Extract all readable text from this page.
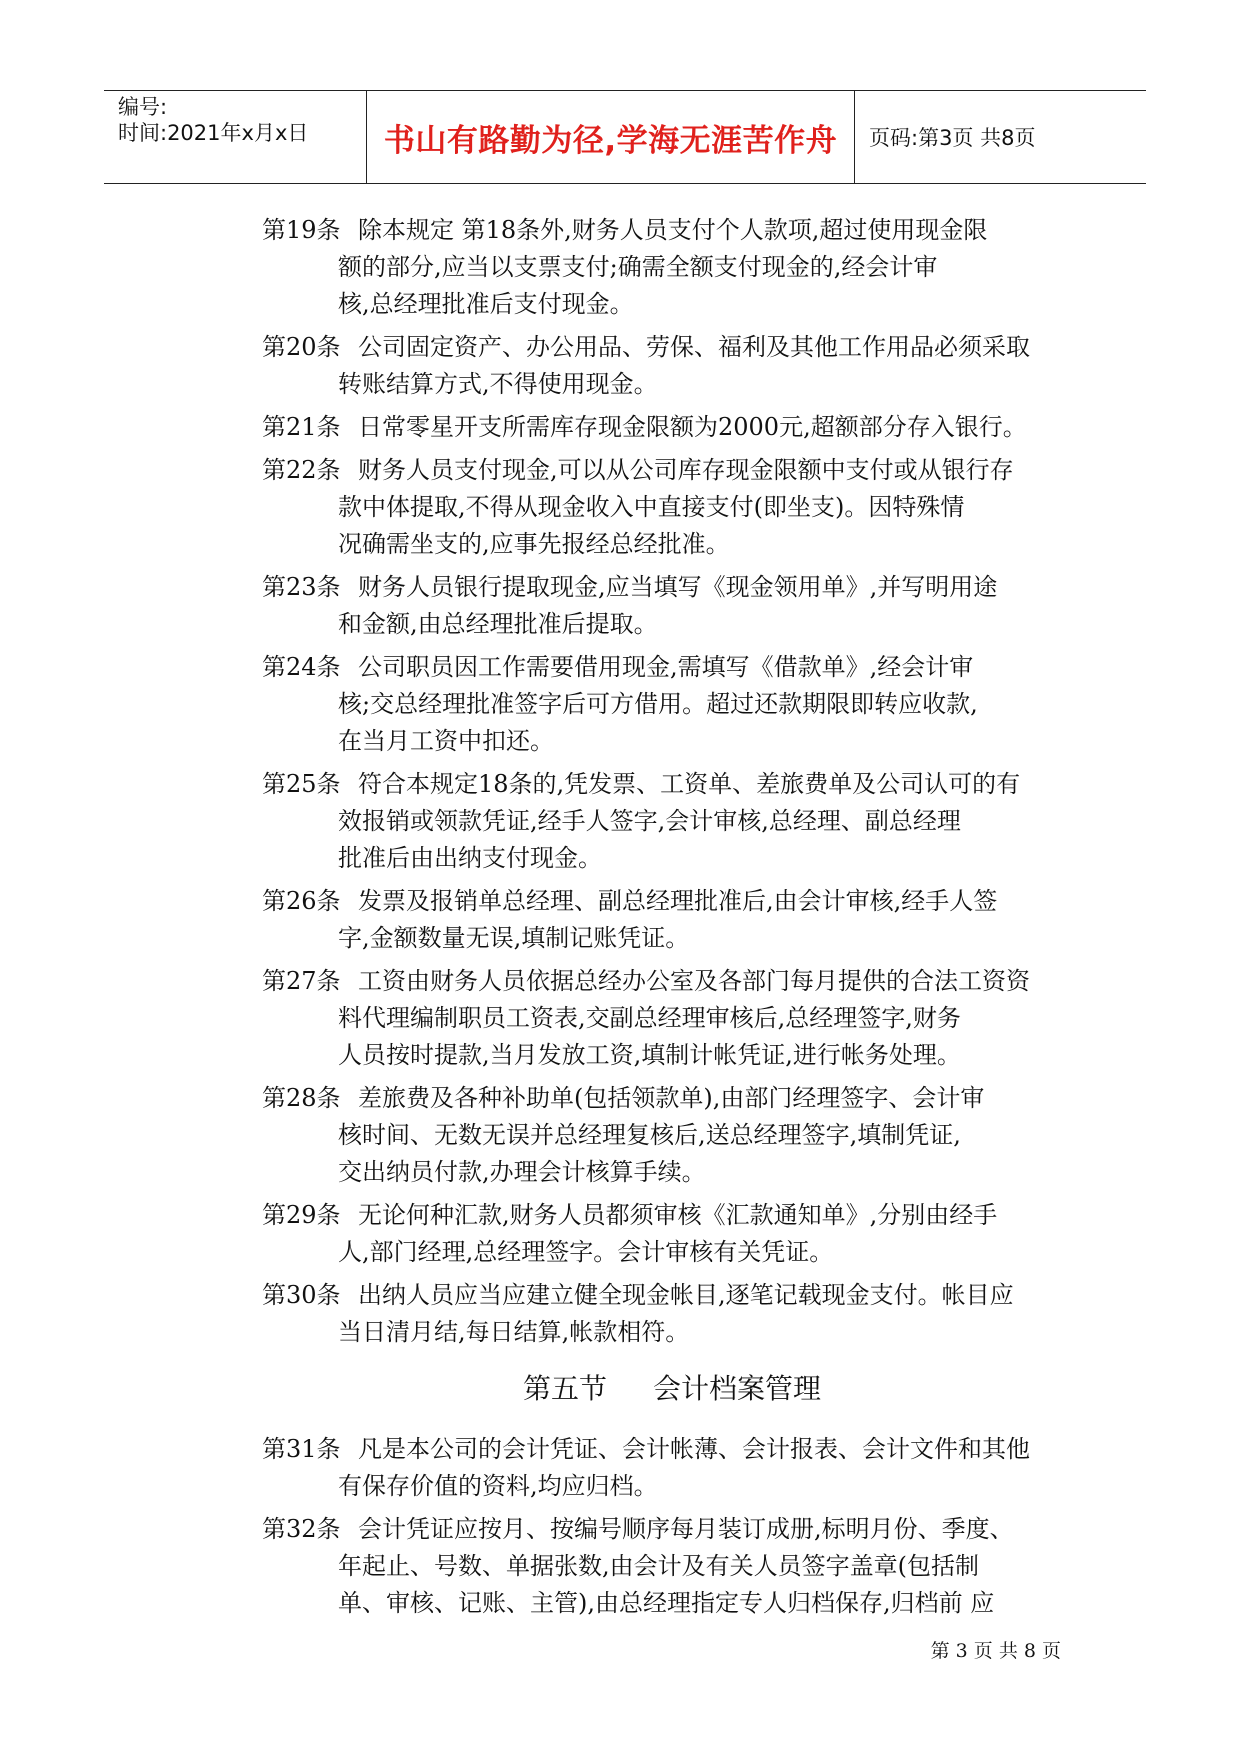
编号:
时间:2021年x月x日 书山有路勤为径,学海无涯苦作舟 页码:第3页 共8页
第19条 除本规定 第18条外,财务人员支付个人款项,超过使用现金限
额的部分,应当以支票支付;确需全额支付现金的,经会计审
核,总经理批准后支付现金。
第20条 公司固定资产、办公用品、劳保、福利及其他工作用品必须采取
转账结算方式,不得使用现金。
第21条 日常零星开支所需库存现金限额为2000元,超额部分存入银行。
第22条 财务人员支付现金,可以从公司库存现金限额中支付或从银行存
款中体提取,不得从现金收入中直接支付(即坐支)。因特殊情
况确需坐支的,应事先报经总经批准。
第23条 财务人员银行提取现金,应当填写《现金领用单》,并写明用途
和金额,由总经理批准后提取。
第24条 公司职员因工作需要借用现金,需填写《借款单》,经会计审
核;交总经理批准签字后可方借用。超过还款期限即转应收款,
在当月工资中扣还。
第25条 符合本规定18条的,凭发票、工资单、差旅费单及公司认可的有
效报销或领款凭证,经手人签字,会计审核,总经理、副总经理
批准后由出纳支付现金。
第26条 发票及报销单总经理、副总经理批准后,由会计审核,经手人签
字,金额数量无误,填制记账凭证。
第27条 工资由财务人员依据总经办公室及各部门每月提供的合法工资资
料代理编制职员工资表,交副总经理审核后,总经理签字,财务
人员按时提款,当月发放工资,填制计帐凭证,进行帐务处理。
第28条 差旅费及各种补助单(包括领款单),由部门经理签字、会计审
核时间、无数无误并总经理复核后,送总经理签字,填制凭证,
交出纳员付款,办理会计核算手续。
第29条 无论何种汇款,财务人员都须审核《汇款通知单》,分别由经手
人,部门经理,总经理签字。会计审核有关凭证。
第30条 出纳人员应当应建立健全现金帐目,逐笔记载现金支付。帐目应
当日清月结,每日结算,帐款相符。
第五节 会计档案管理
第31条 凡是本公司的会计凭证、会计帐薄、会计报表、会计文件和其他
有保存价值的资料,均应归档。
第32条 会计凭证应按月、按编号顺序每月装订成册,标明月份、季度、
年起止、号数、单据张数,由会计及有关人员签字盖章(包括制
单、审核、记账、主管),由总经理指定专人归档保存,归档前 应
第 3 页 共 8 页
